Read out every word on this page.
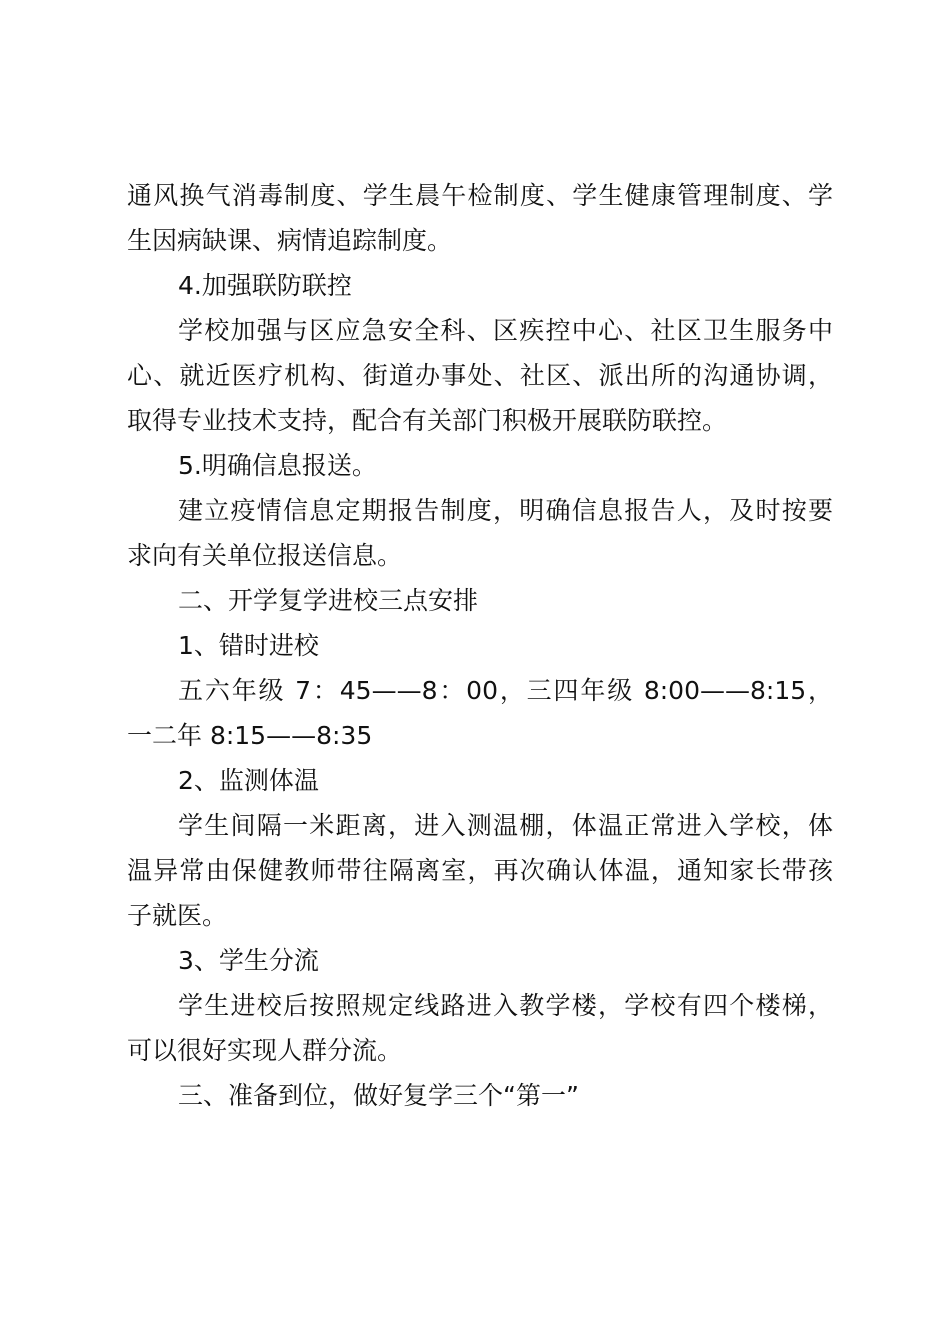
通风换气消毒制度、学生晨午检制度、学生健康管理制度、学
生因病缺课、病情追踪制度。
4.加强联防联控
学校加强与区应急安全科、区疾控中心、社区卫生服务中
心、就近医疗机构、街道办事处、社区、派出所的沟通协调，
取得专业技术支持，配合有关部门积极开展联防联控。
5.明确信息报送。
建立疫情信息定期报告制度，明确信息报告人，及时按要
求向有关单位报送信息。
二、开学复学进校三点安排
1、错时进校
五六年级 7：45——8：00，三四年级 8:00——8:15，
一二年 8:15——8:35
2、监测体温
学生间隔一米距离，进入测温棚，体温正常进入学校，体
温异常由保健教师带往隔离室，再次确认体温，通知家长带孩
子就医。
3、学生分流
学生进校后按照规定线路进入教学楼，学校有四个楼梯，
可以很好实现人群分流。
三、准备到位，做好复学三个“第一”
